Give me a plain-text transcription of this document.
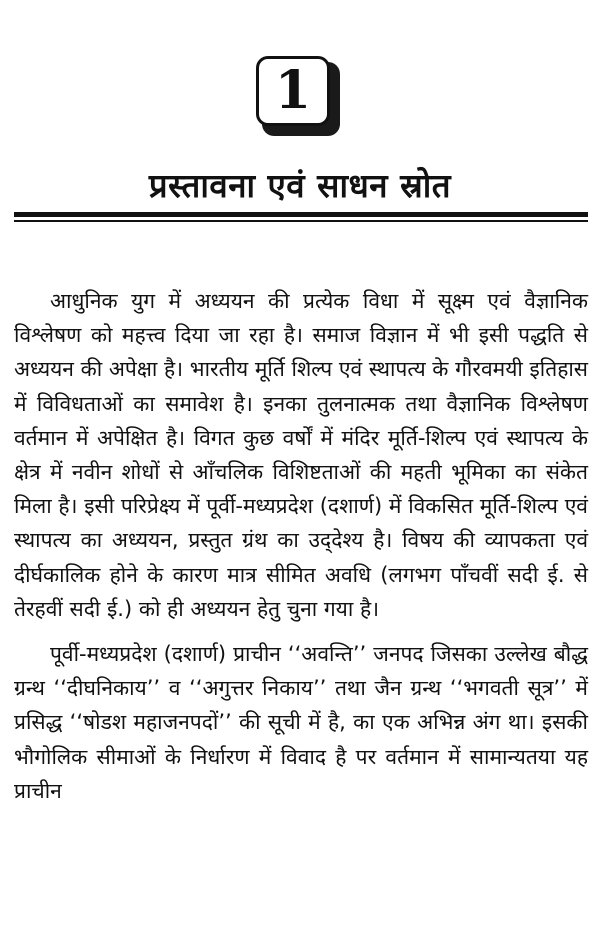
1
प्रस्तावना एवं साधन स्रोत

आधुनिक युग में अध्ययन की प्रत्येक विधा में सूक्ष्म एवं वैज्ञानिक विश्लेषण को महत्त्व दिया जा रहा है। समाज विज्ञान में भी इसी पद्धति से अध्ययन की अपेक्षा है। भारतीय मूर्ति शिल्प एवं स्थापत्य के गौरवमयी इतिहास में विविधताओं का समावेश है। इनका तुलनात्मक तथा वैज्ञानिक विश्लेषण वर्तमान में अपेक्षित है। विगत कुछ वर्षों में मंदिर मूर्ति-शिल्प एवं स्थापत्य के क्षेत्र में नवीन शोधों से आँचलिक विशिष्टताओं की महती भूमिका का संकेत मिला है। इसी परिप्रेक्ष्य में पूर्वी-मध्यप्रदेश (दशार्ण) में विकसित मूर्ति-शिल्प एवं स्थापत्य का अध्ययन, प्रस्तुत ग्रंथ का उद्‌देश्य है। विषय की व्यापकता एवं दीर्घकालिक होने के कारण मात्र सीमित अवधि (लगभग पाँचवीं सदी ई. से तेरहवीं सदी ई.) को ही अध्ययन हेतु चुना गया है।

पूर्वी-मध्यप्रदेश (दशार्ण) प्राचीन ‘‘अवन्ति’’ जनपद जिसका उल्लेख बौद्ध ग्रन्थ ‘‘दीघनिकाय’’ व ‘‘अगुत्तर निकाय’’ तथा जैन ग्रन्थ ‘‘भगवती सूत्र’’ में प्रसिद्ध ‘‘षोडश महाजनपदों’’ की सूची में है, का एक अभिन्न अंग था। इसकी भौगोलिक सीमाओं के निर्धारण में विवाद है पर वर्तमान में सामान्यतया यह प्राचीन
